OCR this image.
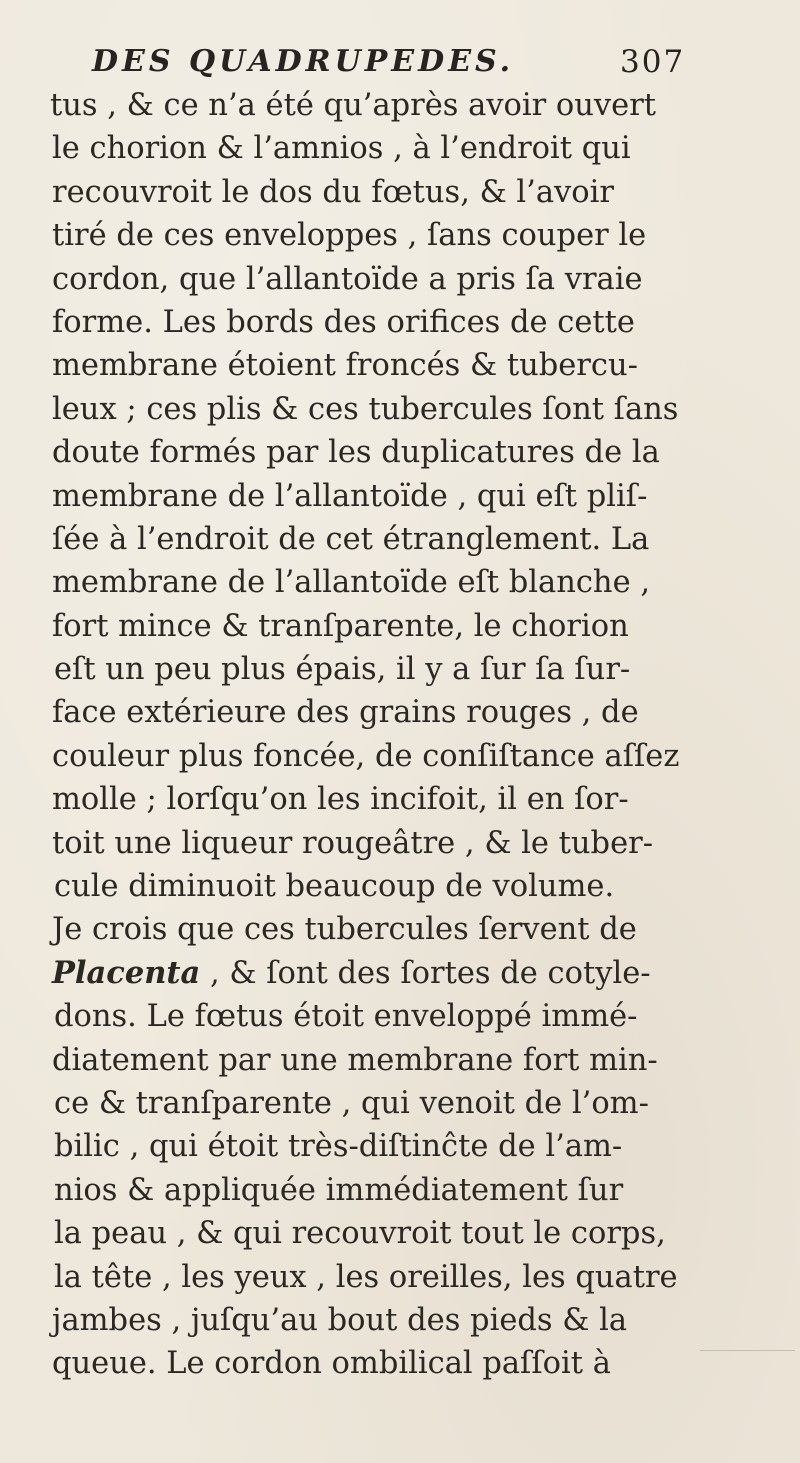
DES QUADRUPEDES.	307
tus , & ce n’a été qu’après avoir ouvert
le chorion & l’amnios , à l’endroit qui
recouvroit le dos du fœtus, & l’avoir
tiré de ces enveloppes , ſans couper le
cordon, que l’allantoïde a pris ſa vraie
forme. Les bords des orifices de cette
membrane étoient froncés & tubercu-
leux ; ces plis & ces tubercules ſont ſans
doute formés par les duplicatures de la
membrane de l’allantoïde , qui eſt pliſ-
ſée à l’endroit de cet étranglement. La
membrane de l’allantoïde eſt blanche ,
fort mince & tranſparente, le chorion
eſt un peu plus épais, il y a ſur ſa ſur-
face extérieure des grains rouges , de
couleur plus foncée, de conſiſtance aſſez
molle ; lorſqu’on les incifoit, il en ſor-
toit une liqueur rougeâtre , & le tuber-
cule diminuoit beaucoup de volume.
Je crois que ces tubercules ſervent de
Placenta , & ſont des ſortes de cotyle-
dons. Le fœtus étoit enveloppé immé-
diatement par une membrane fort min-
ce & tranſparente , qui venoit de l’om-
bilic , qui étoit très-diſtinĉte de l’am-
nios & appliquée immédiatement ſur
la peau , & qui recouvroit tout le corps,
la tête , les yeux , les oreilles, les quatre
jambes , juſqu’au bout des pieds & la
queue. Le cordon ombilical paſſoit à
